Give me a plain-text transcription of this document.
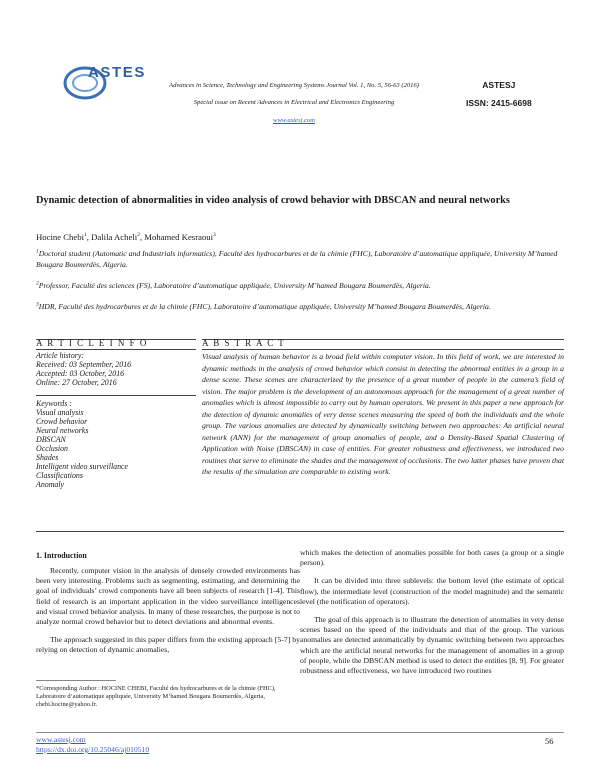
ASTES
Advances in Science, Technology and Engineering Systems Journal Vol. 1, No. 5, 56-63 (2016)
Special issue on Recent Advances in Electrical and Electronics Engineering
www.astesj.com
ASTESJ
ISSN: 2415-6698
Dynamic detection of abnormalities in video analysis of crowd behavior with DBSCAN and neural networks
Hocine Chebi$^1$, Dalila Acheli$^2$, Mohamed Kesraoui$^3$
$^1$Doctoral student (Automatic and Industrials informatics), Faculté des hydrocarbures et de la chimie (FHC), Laboratoire d’automatique appliquée, University M’hamed Bougara Boumerdès, Algeria.
$^2$Professor, Faculté des sciences (FS), Laboratoire d’automatique appliquée, University M’hamed Bougara Boumerdès, Algeria.
$^3$HDR, Faculté des hydrocarbures et de la chimie (FHC), Laboratoire d’automatique appliquée, University M’hamed Bougara Boumerdès, Algeria.
A R T I C L E I N F O	A B S T R A C T
Article history:
Received: 03 September, 2016
Accepted: 03 October, 2016
Online: 27 October, 2016
Keywords :
Visual analysis
Crowd behavior
Neural networks
DBSCAN
Occlusion
Shades
Intelligent video surveillance
Classifications
Anomaly
Visual analysis of human behavior is a broad field within computer vision. In this field of work, we are interested in dynamic methods in the analysis of crowd behavior which consist in detecting the abnormal entities in a group in a dense scene. These scenes are characterized by the presence of a great number of people in the camera’s field of vision. The major problem is the development of an autonomous approach for the management of a great number of anomalies which is almost impossible to carry out by human operators. We present in this paper a new approach for the detection of dynamic anomalies of very dense scenes measuring the speed of both the individuals and the whole group. The various anomalies are detected by dynamically switching between two approaches: An artificial neural network (ANN) for the management of group anomalies of people, and a Density-Based Spatial Clustering of Application with Noise (DBSCAN) in case of entities. For greater robustness and effectiveness, we introduced two routines that serve to eliminate the shades and the management of occlusions. The two latter phases have proven that the results of the simulation are comparable to existing work.
1. Introduction

Recently, computer vision in the analysis of densely crowded environments has been very interesting. Problems such as segmenting, estimating, and determining the goal of individuals’ crowd components have all been subjects of research [1-4]. This field of research is an important application in the video surveillance intelligences and visual crowd behavior analysis. In many of these researches, the purpose is not to analyze normal crowd behavior but to detect deviations and abnormal events.

The approach suggested in this paper differs from the existing approach [5-7] by relying on detection of dynamic anomalies,

*Corresponding Author : HOCINE CHEBI, Faculté des hydrocarbures et de la chimie (FHC), Laboratoire d’automatique appliquée, University M’hamed Bougara Boumerdès, Algeria, chebi.hocine@yahoo.fr.

which makes the detection of anomalies possible for both cases (a group or a single person).

It can be divided into three sublevels: the bottom level (the estimate of optical flow), the intermediate level (construction of the model magnitude) and the semantic level (the notification of operators).

The goal of this approach is to illustrate the detection of anomalies in very dense scenes based on the speed of the individuals and that of the group. The various anomalies are detected automatically by dynamic switching between two approaches which are the artificial neural networks for the management of anomalies in a group of people, while the DBSCAN method is used to detect the entities [8, 9]. For greater robustness and effectiveness, we have introduced two routines

www.astesj.com
https://dx.doi.org/10.25046/aj010510
56
